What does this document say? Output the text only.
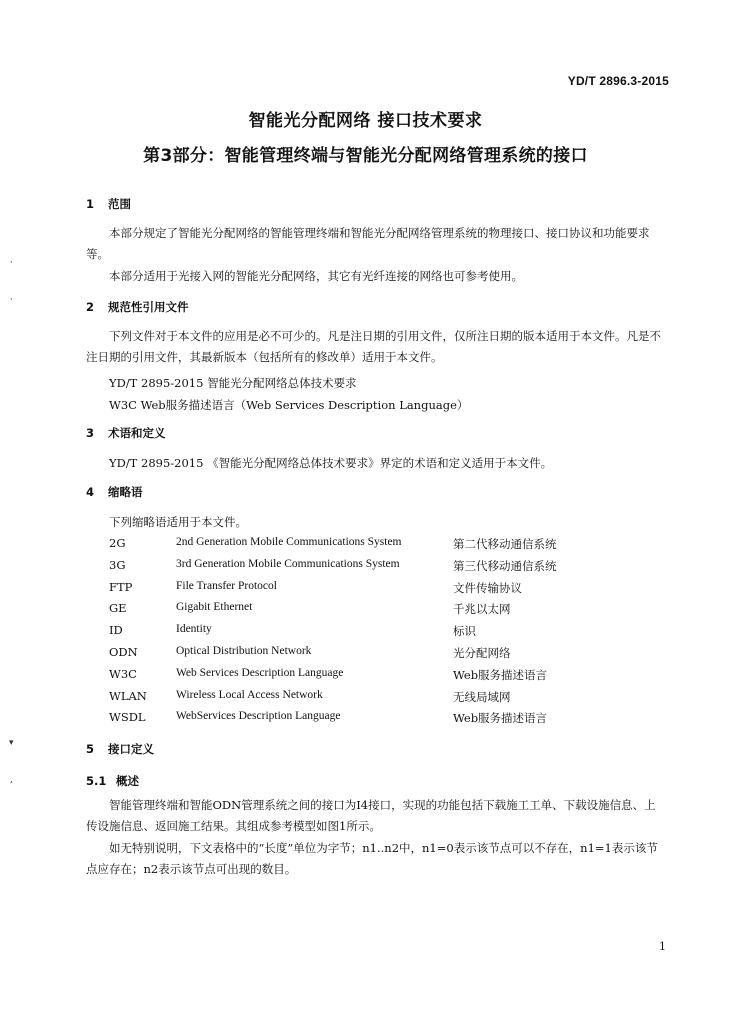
YD/T 2896.3-2015
智能光分配网络 接口技术要求
第3部分：智能管理终端与智能光分配网络管理系统的接口
1 范围
本部分规定了智能光分配网络的智能管理终端和智能光分配网络管理系统的物理接口、接口协议和功能要求等。
本部分适用于光接入网的智能光分配网络，其它有光纤连接的网络也可参考使用。
2 规范性引用文件
下列文件对于本文件的应用是必不可少的。凡是注日期的引用文件，仅所注日期的版本适用于本文件。凡是不注日期的引用文件，其最新版本（包括所有的修改单）适用于本文件。
YD/T 2895-2015 智能光分配网络总体技术要求
W3C Web服务描述语言（Web Services Description Language）
3 术语和定义
YD/T 2895-2015 《智能光分配网络总体技术要求》界定的术语和定义适用于本文件。
4 缩略语
下列缩略语适用于本文件。
2G	2nd Generation Mobile Communications System	第二代移动通信系统
3G	3rd Generation Mobile Communications System	第三代移动通信系统
FTP	File Transfer Protocol	文件传输协议
GE	Gigabit Ethernet	千兆以太网
ID	Identity	标识
ODN	Optical Distribution Network	光分配网络
W3C	Web Services Description Language	Web服务描述语言
WLAN	Wireless Local Access Network	无线局域网
WSDL	WebServices Description Language	Web服务描述语言
5 接口定义
5.1 概述
智能管理终端和智能ODN管理系统之间的接口为I4接口，实现的功能包括下载施工工单、下载设施信息、上传设施信息、返回施工结果。其组成参考模型如图1所示。
如无特别说明，下文表格中的“长度”单位为字节；n1..n2中，n1=0表示该节点可以不存在，n1=1表示该节点应存在；n2表示该节点可出现的数目。
1
·
·
▾
,
